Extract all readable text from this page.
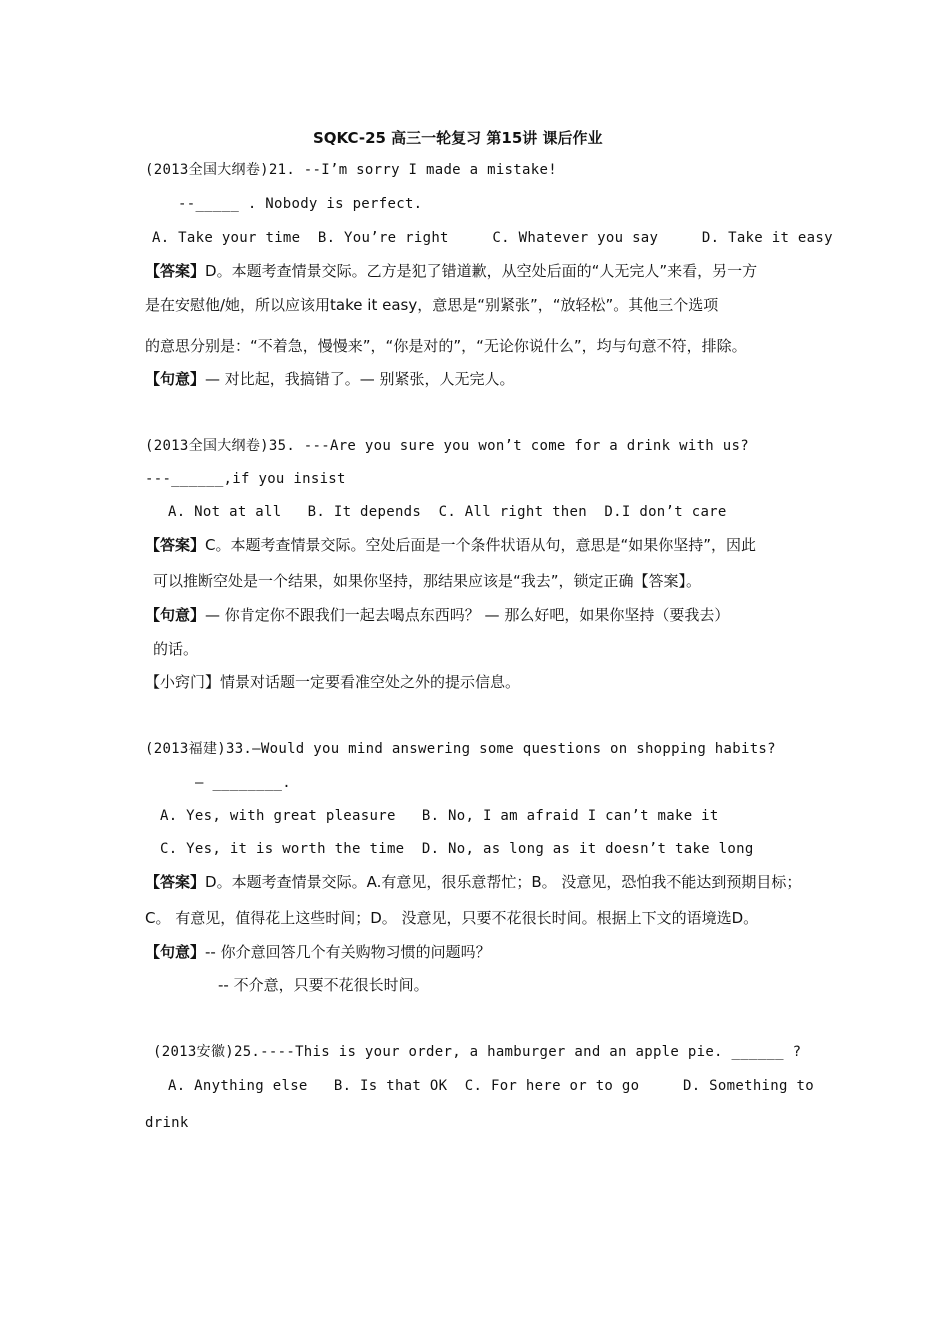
SQKC-25 高三一轮复习 第15讲 课后作业
(2013全国大纲卷)21. --I’m sorry I made a mistake!
--_____ . Nobody is perfect.
A. Take your time  B. You’re right     C. Whatever you say     D. Take it easy
【答案】D。本题考查情景交际。乙方是犯了错道歉，从空处后面的“人无完人”来看，另一方
是在安慰他/她，所以应该用take it easy，意思是“别紧张”，“放轻松”。其他三个选项
的意思分别是：“不着急，慢慢来”，“你是对的”，“无论你说什么”，均与句意不符，排除。
【句意】— 对比起，我搞错了。— 别紧张，人无完人。
(2013全国大纲卷)35. ---Are you sure you won’t come for a drink with us?
---______,if you insist
A. Not at all   B. It depends  C. All right then  D.I don’t care
【答案】C。本题考查情景交际。空处后面是一个条件状语从句，意思是“如果你坚持”，因此
可以推断空处是一个结果，如果你坚持，那结果应该是“我去”，锁定正确【答案】。
【句意】— 你肯定你不跟我们一起去喝点东西吗？ — 那么好吧，如果你坚持（要我去）
的话。
【小窍门】情景对话题一定要看准空处之外的提示信息。
(2013福建)33.—Would you mind answering some questions on shopping habits?
— ________.
A. Yes, with great pleasure   B. No, I am afraid I can’t make it
C. Yes, it is worth the time  D. No, as long as it doesn’t take long
【答案】D。本题考查情景交际。A.有意见，很乐意帮忙；B。 没意见，恐怕我不能达到预期目标；
C。 有意见，值得花上这些时间；D。 没意见，只要不花很长时间。根据上下文的语境选D。
【句意】-- 你介意回答几个有关购物习惯的问题吗？
-- 不介意，只要不花很长时间。
(2013安徽)25.----This is your order, a hamburger and an apple pie. ______ ?
A. Anything else   B. Is that OK  C. For here or to go     D. Something to
drink
